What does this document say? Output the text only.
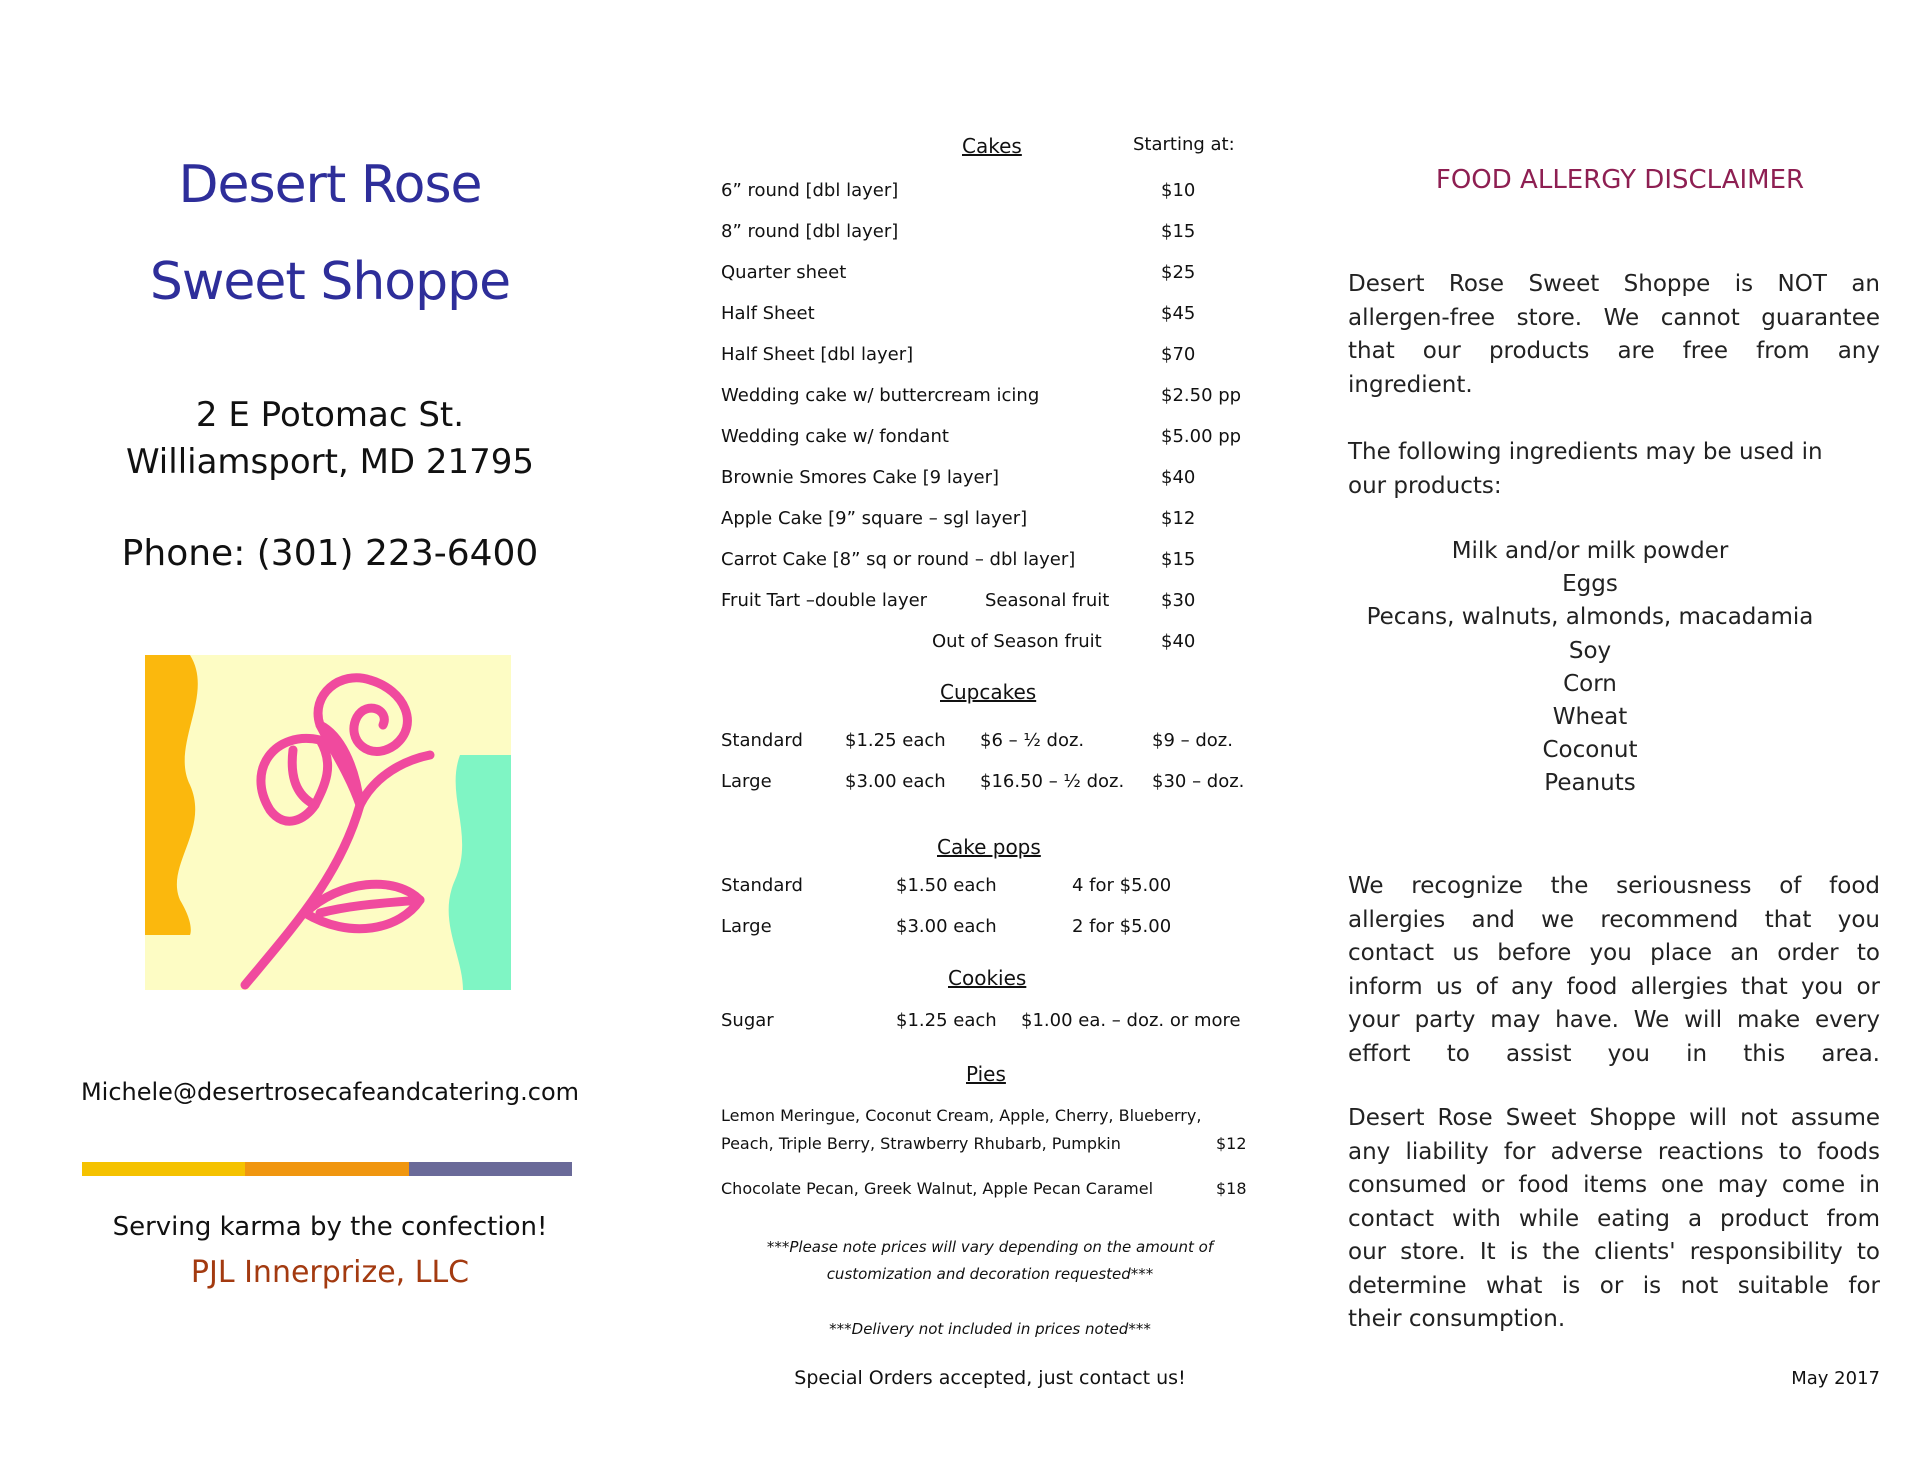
Desert Rose
Sweet Shoppe
2 E Potomac St.
Williamsport, MD 21795
Phone: (301) 223-6400
Michele@desertrosecafeandcatering.com
Serving karma by the confection!
PJL Innerprize, LLC
Cakes	Starting at:
6” round [dbl layer]	$10
8” round [dbl layer]	$15
Quarter sheet	$25
Half Sheet	$45
Half Sheet [dbl layer]	$70
Wedding cake w/ buttercream icing	$2.50 pp
Wedding cake w/ fondant	$5.00 pp
Brownie Smores Cake [9 layer]	$40
Apple Cake [9” square – sgl layer]	$12
Carrot Cake [8” sq or round – dbl layer]	$15
Fruit Tart –double layer	Seasonal fruit	$30
Out of Season fruit	$40
Cupcakes
Standard $1.25 each $6 – ½ doz.	$9 – doz.
Large	$3.00 each $16.50 – ½ doz. $30 – doz.
Cake pops
Standard	$1.50 each	4 for $5.00
Large	$3.00 each	2 for $5.00
Cookies
Sugar	$1.25 each $1.00 ea. – doz. or more
Pies
Lemon Meringue, Coconut Cream, Apple, Cherry, Blueberry,
Peach, Triple Berry, Strawberry Rhubarb, Pumpkin	$12
Chocolate Pecan, Greek Walnut, Apple Pecan Caramel	$18
***Please note prices will vary depending on the amount of
customization and decoration requested***
***Delivery not included in prices noted***
Special Orders accepted, just contact us!
FOOD ALLERGY DISCLAIMER
Desert Rose Sweet Shoppe is NOT an
allergen-free store. We cannot guarantee
that our products are free from any
ingredient.
The following ingredients may be used in
our products:
Milk and/or milk powder
Eggs
Pecans, walnuts, almonds, macadamia
Soy
Corn
Wheat
Coconut
Peanuts
We recognize the seriousness of food
allergies and we recommend that you
contact us before you place an order to
inform us of any food allergies that you or
your party may have. We will make every
effort to assist you in this area.
Desert Rose Sweet Shoppe will not assume
any liability for adverse reactions to foods
consumed or food items one may come in
contact with while eating a product from
our store. It is the clients' responsibility to
determine what is or is not suitable for
their consumption.
May 2017
